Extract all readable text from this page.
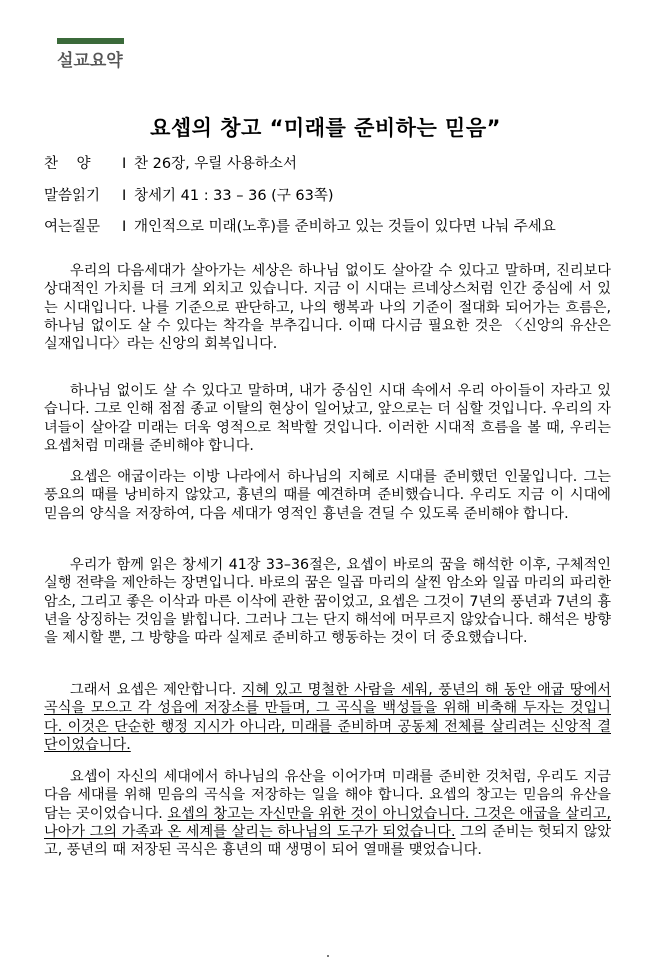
설교요약
요셉의 창고 “미래를 준비하는 믿음”
찬    양 I 찬 26장, 우릴 사용하소서
말씀읽기 I 창세기 41 : 33 – 36 (구 63쪽)
여는질문 I 개인적으로 미래(노후)를 준비하고 있는 것들이 있다면 나눠 주세요

우리의 다음세대가 살아가는 세상은 하나님 없이도 살아갈 수 있다고 말하며, 진리보다 상대적인 가치를 더 크게 외치고 있습니다. 지금 이 시대는 르네상스처럼 인간 중심에 서 있는 시대입니다. 나를 기준으로 판단하고, 나의 행복과 나의 기준이 절대화 되어가는 흐름은, 하나님 없이도 살 수 있다는 착각을 부추깁니다. 이때 다시금 필요한 것은 〈신앙의 유산은 실재입니다〉라는 신앙의 회복입니다.

하나님 없이도 살 수 있다고 말하며, 내가 중심인 시대 속에서 우리 아이들이 자라고 있습니다. 그로 인해 점점 종교 이탈의 현상이 일어났고, 앞으로는 더 심할 것입니다. 우리의 자녀들이 살아갈 미래는 더욱 영적으로 척박할 것입니다. 이러한 시대적 흐름을 볼 때, 우리는 요셉처럼 미래를 준비해야 합니다.

요셉은 애굽이라는 이방 나라에서 하나님의 지혜로 시대를 준비했던 인물입니다. 그는 풍요의 때를 낭비하지 않았고, 흉년의 때를 예견하며 준비했습니다. 우리도 지금 이 시대에 믿음의 양식을 저장하여, 다음 세대가 영적인 흉년을 견딜 수 있도록 준비해야 합니다.

우리가 함께 읽은 창세기 41장 33–36절은, 요셉이 바로의 꿈을 해석한 이후, 구체적인 실행 전략을 제안하는 장면입니다. 바로의 꿈은 일곱 마리의 살찐 암소와 일곱 마리의 파리한 암소, 그리고 좋은 이삭과 마른 이삭에 관한 꿈이었고, 요셉은 그것이 7년의 풍년과 7년의 흉년을 상징하는 것임을 밝힙니다. 그러나 그는 단지 해석에 머무르지 않았습니다. 해석은 방향을 제시할 뿐, 그 방향을 따라 실제로 준비하고 행동하는 것이 더 중요했습니다.

그래서 요셉은 제안합니다. 지혜 있고 명철한 사람을 세워, 풍년의 해 동안 애굽 땅에서 곡식을 모으고 각 성읍에 저장소를 만들며, 그 곡식을 백성들을 위해 비축해 두자는 것입니다. 이것은 단순한 행정 지시가 아니라, 미래를 준비하며 공동체 전체를 살리려는 신앙적 결단이었습니다.

요셉이 자신의 세대에서 하나님의 유산을 이어가며 미래를 준비한 것처럼, 우리도 지금 다음 세대를 위해 믿음의 곡식을 저장하는 일을 해야 합니다. 요셉의 창고는 믿음의 유산을 담는 곳이었습니다. 요셉의 창고는 자신만을 위한 것이 아니었습니다. 그것은 애굽을 살리고, 나아가 그의 가족과 온 세계를 살리는 하나님의 도구가 되었습니다. 그의 준비는 헛되지 않았고, 풍년의 때 저장된 곡식은 흉년의 때 생명이 되어 열매를 맺었습니다.
